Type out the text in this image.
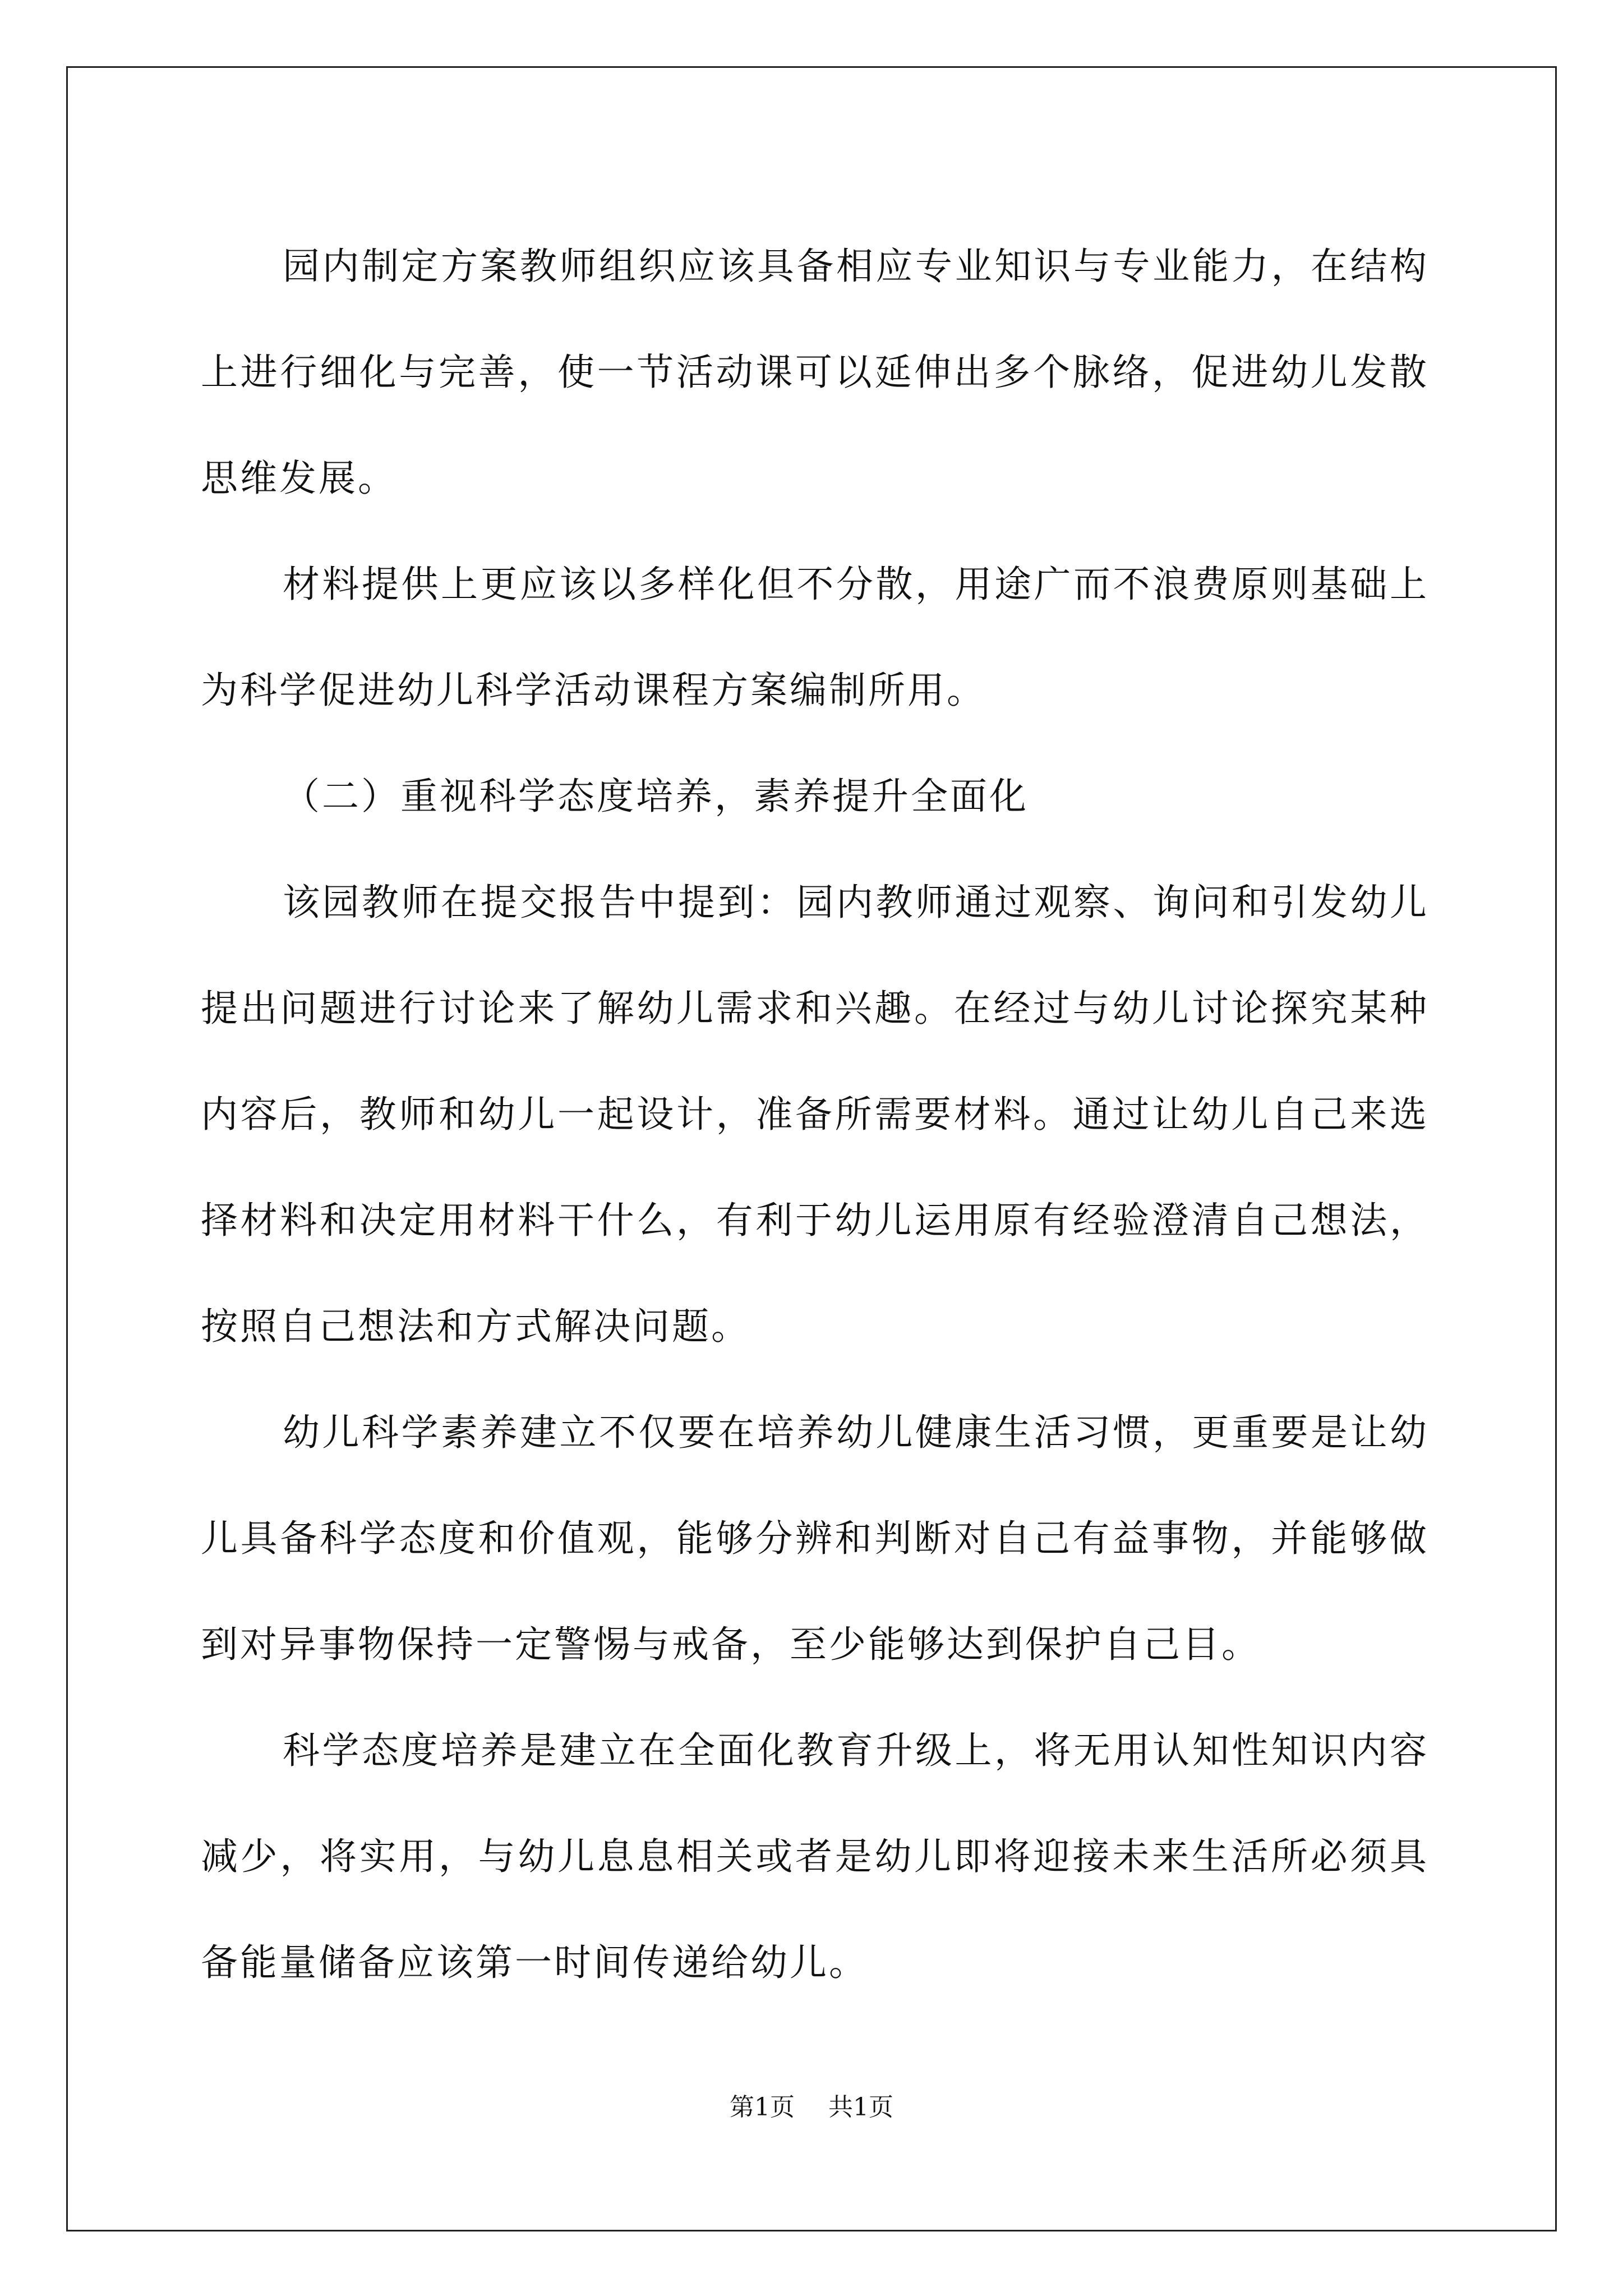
园内制定方案教师组织应该具备相应专业知识与专业能力，在结构上进行细化与完善，使一节活动课可以延伸出多个脉络，促进幼儿发散思维发展。

材料提供上更应该以多样化但不分散，用途广而不浪费原则基础上为科学促进幼儿科学活动课程方案编制所用。

（二）重视科学态度培养，素养提升全面化

该园教师在提交报告中提到：园内教师通过观察、询问和引发幼儿提出问题进行讨论来了解幼儿需求和兴趣。在经过与幼儿讨论探究某种内容后，教师和幼儿一起设计，准备所需要材料。通过让幼儿自己来选择材料和决定用材料干什么，有利于幼儿运用原有经验澄清自己想法，按照自己想法和方式解决问题。

幼儿科学素养建立不仅要在培养幼儿健康生活习惯，更重要是让幼儿具备科学态度和价值观，能够分辨和判断对自己有益事物，并能够做到对异事物保持一定警惕与戒备，至少能够达到保护自己目。

科学态度培养是建立在全面化教育升级上，将无用认知性知识内容减少，将实用，与幼儿息息相关或者是幼儿即将迎接未来生活所必须具备能量储备应该第一时间传递给幼儿。

第1页 共1页
